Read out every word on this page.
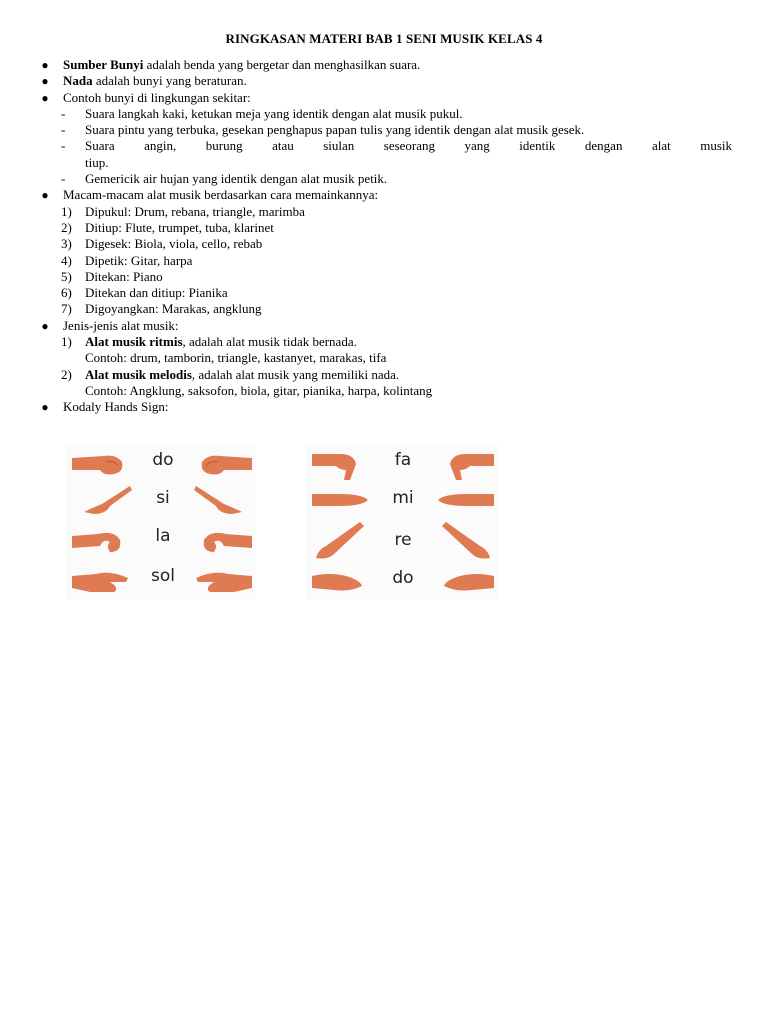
RINGKASAN MATERI BAB 1 SENI MUSIK KELAS 4
● Sumber Bunyi adalah benda yang bergetar dan menghasilkan suara.
● Nada adalah bunyi yang beraturan.
● Contoh bunyi di lingkungan sekitar:
- Suara langkah kaki, ketukan meja yang identik dengan alat musik pukul.
- Suara pintu yang terbuka, gesekan penghapus papan tulis yang identik dengan alat musik gesek.
- Suara angin, burung atau siulan seseorang yang identik dengan alat musik
tiup.
- Gemericik air hujan yang identik dengan alat musik petik.
● Macam-macam alat musik berdasarkan cara memainkannya:
1) Dipukul: Drum, rebana, triangle, marimba
2) Ditiup: Flute, trumpet, tuba, klarinet
3) Digesek: Biola, viola, cello, rebab
4) Dipetik: Gitar, harpa
5) Ditekan: Piano
6) Ditekan dan ditiup: Pianika
7) Digoyangkan: Marakas, angklung
● Jenis-jenis alat musik:
1) Alat musik ritmis, adalah alat musik tidak bernada.
Contoh: drum, tamborin, triangle, kastanyet, marakas, tifa
2) Alat musik melodis, adalah alat musik yang memiliki nada.
Contoh: Angklung, saksofon, biola, gitar, pianika, harpa, kolintang
● Kodaly Hands Sign:
do
si
la
sol
fa
mi
re
do
